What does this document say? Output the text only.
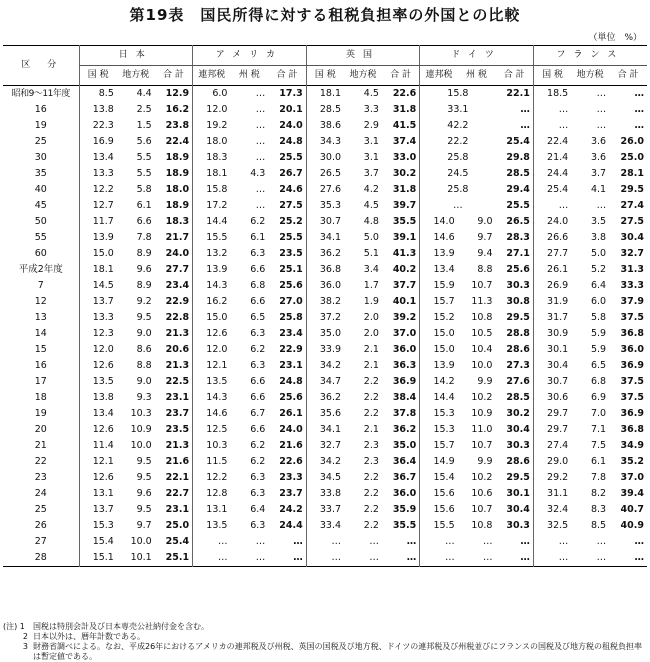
第19表　国民所得に対する租税負担率の外国との比較
（単位　%）
区　分	日本			アメリカ			英国			ドイツ			フランス		
	国 税	地方税	合 計	連邦税	州 税	合 計	国 税	地方税	合 計	連邦税	州 税	合 計	国 税	地方税	合 計
昭和9～11年度	8.5	4.4	12.9	6.0	…	17.3	18.1	4.5	22.6	15.8		22.1	18.5	…	…
16	13.8	2.5	16.2	12.0	…	20.1	28.5	3.3	31.8	33.1		…	…	…	…
19	22.3	1.5	23.8	19.2	…	24.0	38.6	2.9	41.5	42.2		…	…	…	…
25	16.9	5.6	22.4	18.0	…	24.8	34.3	3.1	37.4	22.2		25.4	22.4	3.6	26.0
30	13.4	5.5	18.9	18.3	…	25.5	30.0	3.1	33.0	25.8		29.8	21.4	3.6	25.0
35	13.3	5.5	18.9	18.1	4.3	26.7	26.5	3.7	30.2	24.5		28.5	24.4	3.7	28.1
40	12.2	5.8	18.0	15.8	…	24.6	27.6	4.2	31.8	25.8		29.4	25.4	4.1	29.5
45	12.7	6.1	18.9	17.2	…	27.5	35.3	4.5	39.7	…		25.5	…	…	27.4
50	11.7	6.6	18.3	14.4	6.2	25.2	30.7	4.8	35.5	14.0	9.0	26.5	24.0	3.5	27.5
55	13.9	7.8	21.7	15.5	6.1	25.5	34.1	5.0	39.1	14.6	9.7	28.3	26.6	3.8	30.4
60	15.0	8.9	24.0	13.2	6.3	23.5	36.2	5.1	41.3	13.9	9.4	27.1	27.7	5.0	32.7
平成2年度	18.1	9.6	27.7	13.9	6.6	25.1	36.8	3.4	40.2	13.4	8.8	25.6	26.1	5.2	31.3
7	14.5	8.9	23.4	14.3	6.8	25.6	36.0	1.7	37.7	15.9	10.7	30.3	26.9	6.4	33.3
12	13.7	9.2	22.9	16.2	6.6	27.0	38.2	1.9	40.1	15.7	11.3	30.8	31.9	6.0	37.9
13	13.3	9.5	22.8	15.0	6.5	25.8	37.2	2.0	39.2	15.2	10.8	29.5	31.7	5.8	37.5
14	12.3	9.0	21.3	12.6	6.3	23.4	35.0	2.0	37.0	15.0	10.5	28.8	30.9	5.9	36.8
15	12.0	8.6	20.6	12.0	6.2	22.9	33.9	2.1	36.0	15.0	10.4	28.6	30.1	5.9	36.0
16	12.6	8.8	21.3	12.1	6.3	23.1	34.2	2.1	36.3	13.9	10.0	27.3	30.4	6.5	36.9
17	13.5	9.0	22.5	13.5	6.6	24.8	34.7	2.2	36.9	14.2	9.9	27.6	30.7	6.8	37.5
18	13.8	9.3	23.1	14.3	6.6	25.6	36.2	2.2	38.4	14.4	10.2	28.5	30.6	6.9	37.5
19	13.4	10.3	23.7	14.6	6.7	26.1	35.6	2.2	37.8	15.3	10.9	30.2	29.7	7.0	36.9
20	12.6	10.9	23.5	12.5	6.6	24.0	34.1	2.1	36.2	15.3	11.0	30.4	29.7	7.1	36.8
21	11.4	10.0	21.3	10.3	6.2	21.6	32.7	2.3	35.0	15.7	10.7	30.3	27.4	7.5	34.9
22	12.1	9.5	21.6	11.5	6.2	22.6	34.2	2.3	36.4	14.9	9.9	28.6	29.0	6.1	35.2
23	12.6	9.5	22.1	12.2	6.3	23.3	34.5	2.2	36.7	15.4	10.2	29.5	29.2	7.8	37.0
24	13.1	9.6	22.7	12.8	6.3	23.7	33.8	2.2	36.0	15.6	10.6	30.1	31.1	8.2	39.4
25	13.7	9.5	23.1	13.1	6.4	24.2	33.7	2.2	35.9	15.6	10.7	30.4	32.4	8.3	40.7
26	15.3	9.7	25.0	13.5	6.3	24.4	33.4	2.2	35.5	15.5	10.8	30.3	32.5	8.5	40.9
27	15.4	10.0	25.4	…	…	…	…	…	…	…	…	…	…	…	…
28	15.1	10.1	25.1	…	…	…	…	…	…	…	…	…	…	…	…
(注) 1	国税は特別会計及び日本専売公社納付金を含む。
2 日本以外は、暦年計数である。
3 財務省調べによる。なお、平成26年におけるアメリカの連邦税及び州税、英国の国税及び地方税、ドイツの連邦税及び州税並びにフランスの国税及び地方税の租税負担率は暫定値である。
